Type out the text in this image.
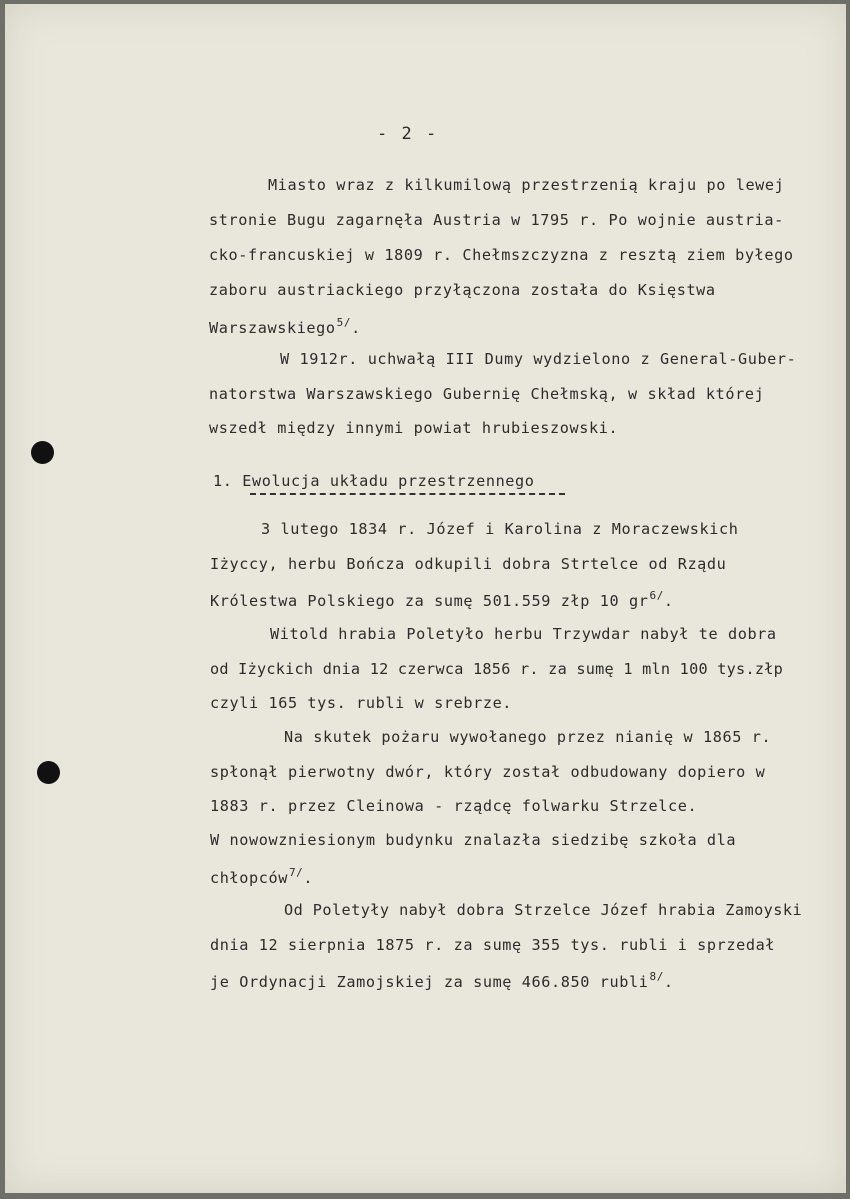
- 2 -
Miasto wraz z kilkumilową przestrzenią kraju po lewej
stronie Bugu zagarnęła Austria w 1795 r. Po wojnie austria-
cko-francuskiej w 1809 r. Chełmszczyzna z resztą ziem byłego
zaboru austriackiego przyłączona została do Księstwa
Warszawskiego$^{5/}$.
W 1912r. uchwałą III Dumy wydzielono z General-Guber-
natorstwa Warszawskiego Gubernię Chełmską, w skład której
wszedł między innymi powiat hrubieszowski.
1. Ewolucja układu przestrzennego
3 lutego 1834 r. Józef i Karolina z Moraczewskich
Iżyccy, herbu Bończa odkupili dobra Strtelce od Rządu
Królestwa Polskiego za sumę 501.559 złp 10 $gr^{6/}$.
Witold hrabia Poletyło herbu Trzywdar nabył te dobra
od Iżyckich dnia 12 czerwca 1856 r. za sumę 1 mln 100 tys.złp
czyli 165 tys. rubli w srebrze.
Na skutek pożaru wywołanego przez nianię w 1865 r.
spłonął pierwotny dwór, który został odbudowany dopiero w
1883 r. przez Cleinowa - rządcę folwarku Strzelce.
W nowowzniesionym budynku znalazła siedzibę szkoła dla
chłopców$^{7/}$.
Od Poletyły nabył dobra Strzelce Józef hrabia Zamoyski
dnia 12 sierpnia 1875 r. za sumę 355 tys. rubli i sprzedał
je Ordynacji Zamojskiej za sumę 466.850 rubli$^{8/}$.
